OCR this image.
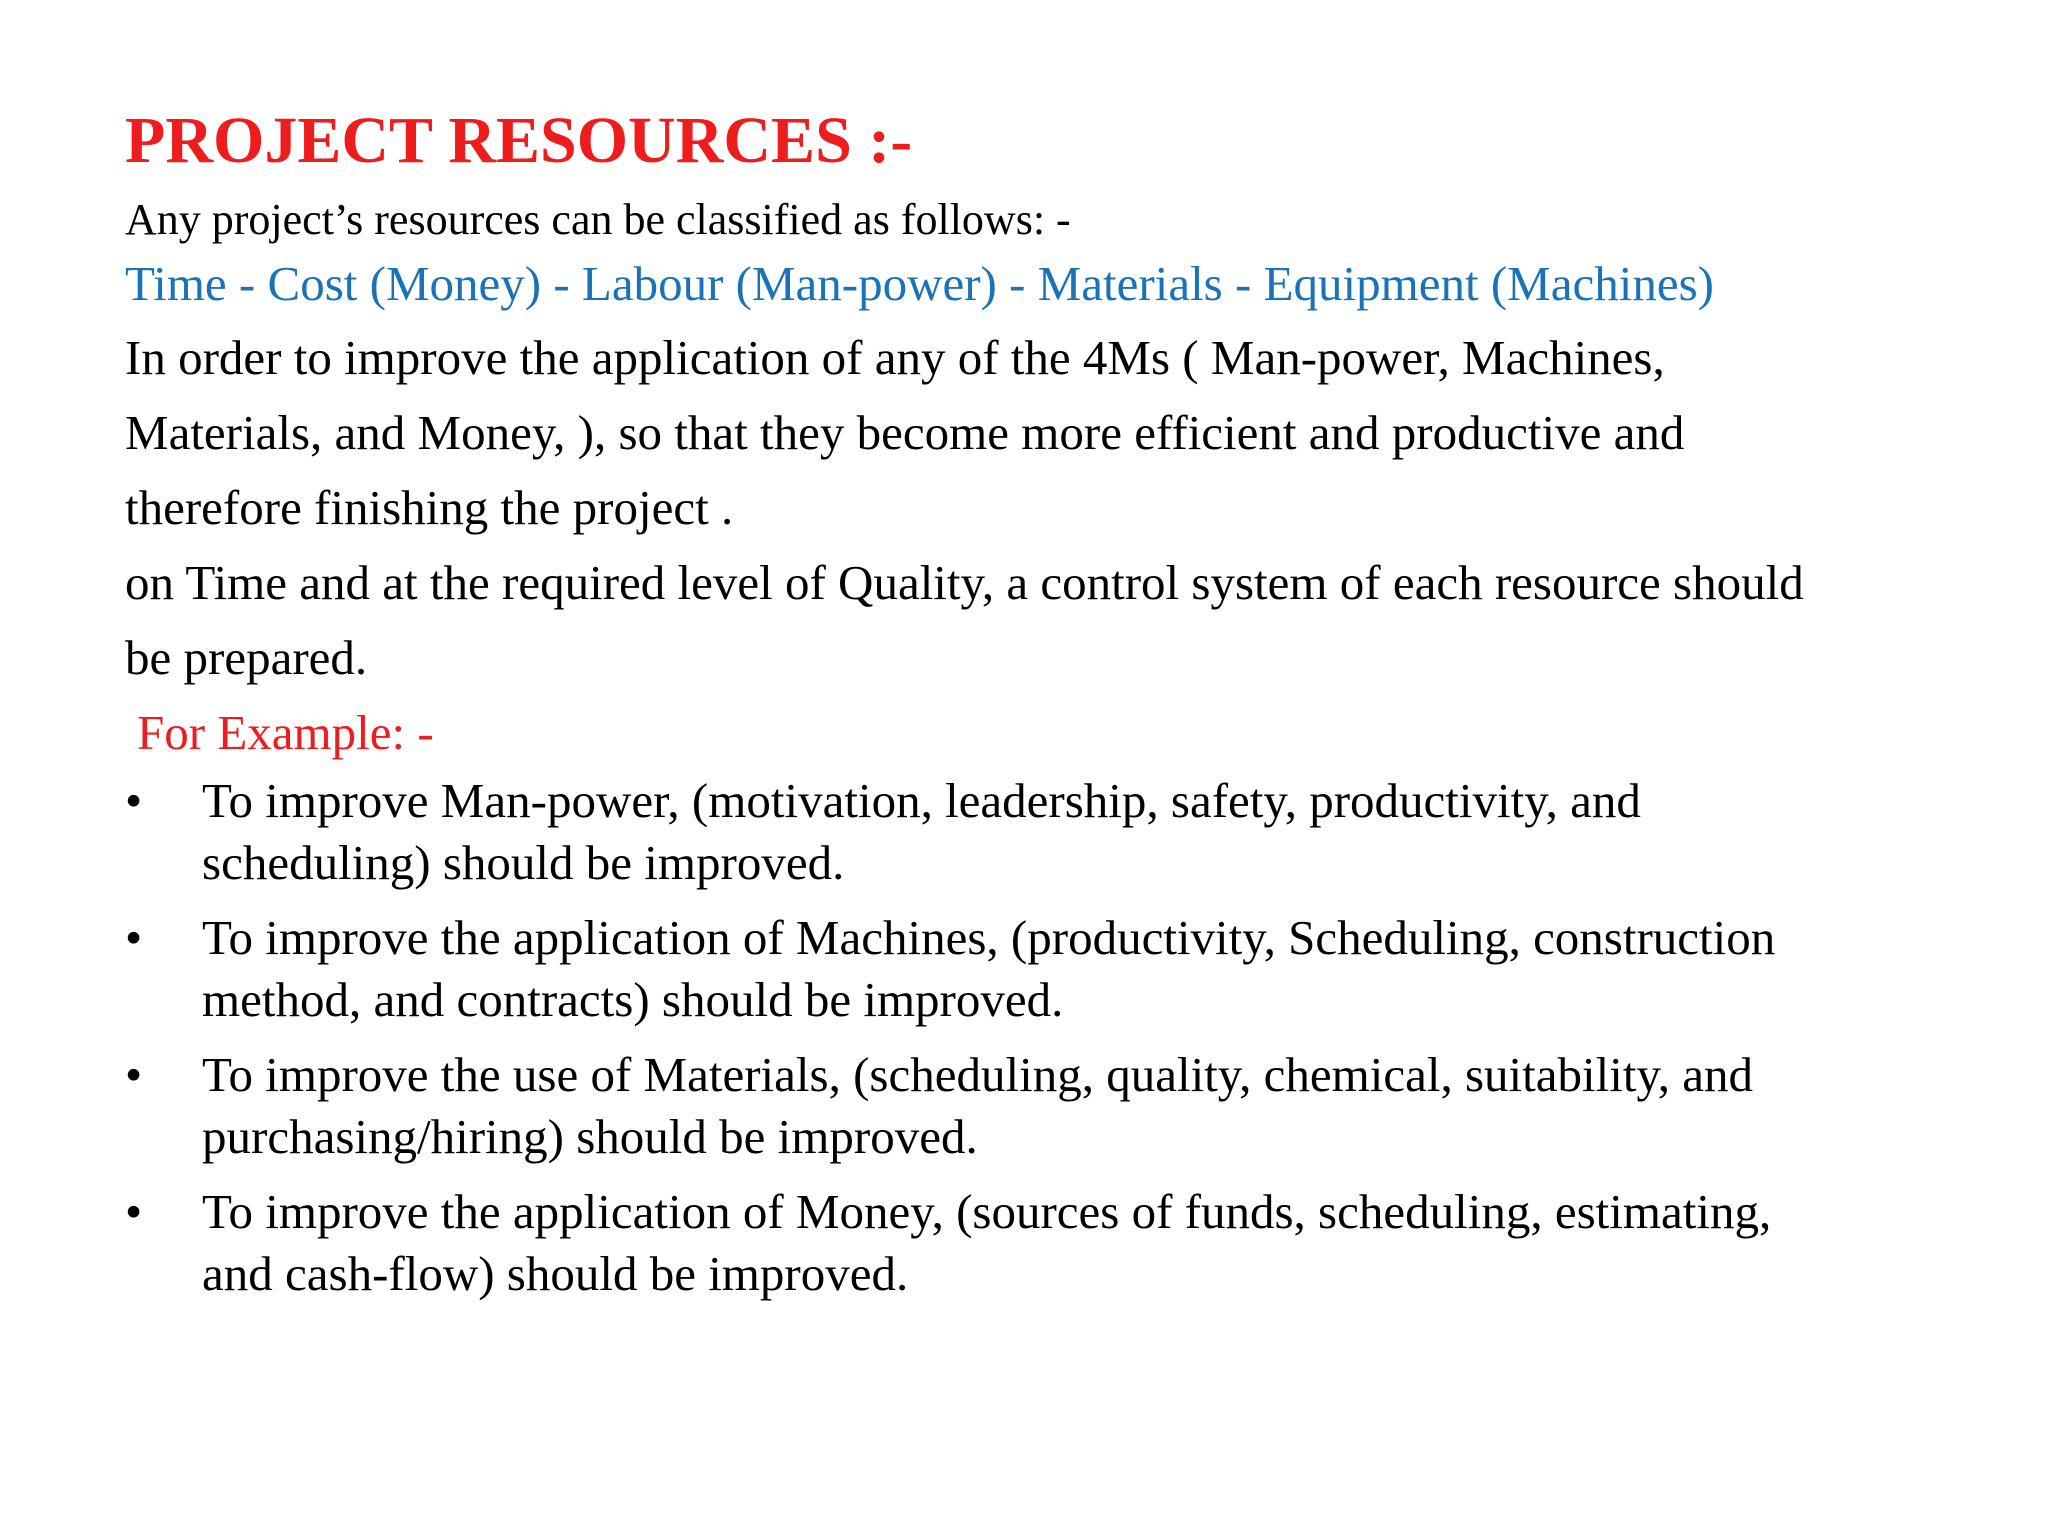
PROJECT RESOURCES :-

Any project’s resources can be classified as follows: -

Time - Cost (Money) - Labour (Man-power) - Materials - Equipment (Machines)

In order to improve the application of any of the 4Ms ( Man-power, Machines,
Materials, and Money, ), so that they become more efficient and productive and
therefore finishing the project .

on Time and at the required level of Quality, a control system of each resource should
be prepared.

For Example: -

• To improve Man-power, (motivation, leadership, safety, productivity, and
scheduling) should be improved.
• To improve the application of Machines, (productivity, Scheduling, construction
method, and contracts) should be improved.
• To improve the use of Materials, (scheduling, quality, chemical, suitability, and
purchasing/hiring) should be improved.
• To improve the application of Money, (sources of funds, scheduling, estimating,
and cash-flow) should be improved.
